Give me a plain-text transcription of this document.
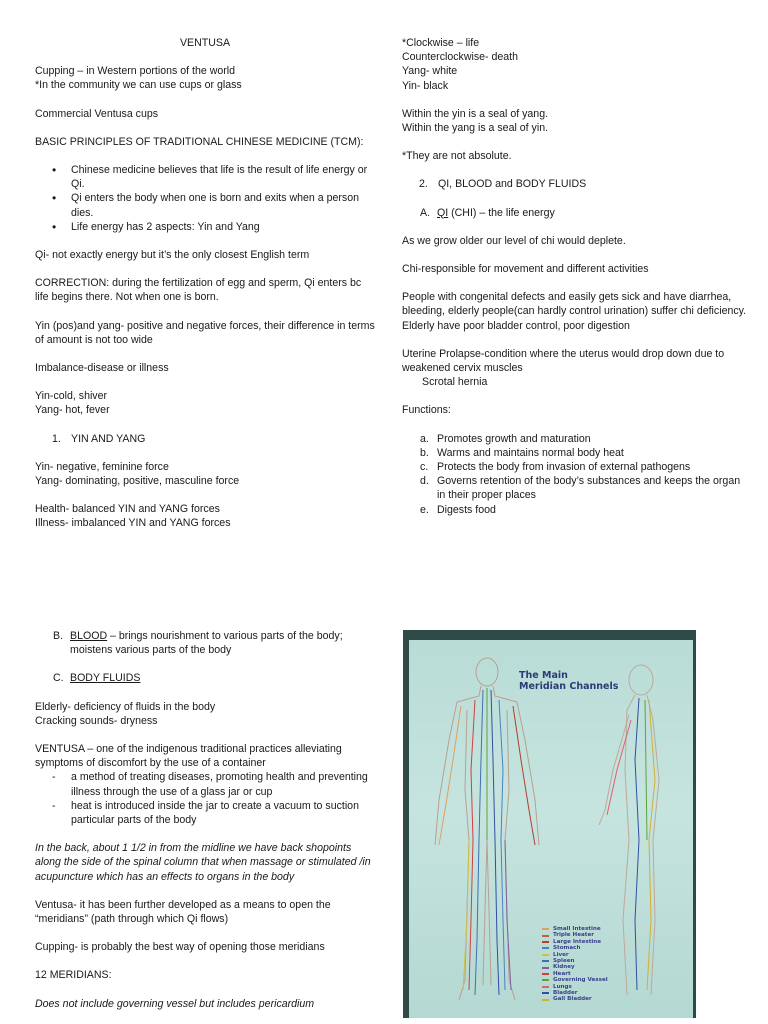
VENTUSA
Cupping – in Western portions of the world
*In the community we can use cups or glass
Commercial Ventusa cups
BASIC PRINCIPLES OF TRADITIONAL CHINESE MEDICINE (TCM):
• Chinese medicine believes that life is the result of life energy or Qi.
• Qi enters the body when one is born and exits when a person dies.
• Life energy has 2 aspects: Yin and Yang
Qi- not exactly energy but it’s the only closest English term
CORRECTION: during the fertilization of egg and sperm, Qi enters bc life begins there. Not when one is born.
Yin (pos)and yang- positive and negative forces, their difference in terms of amount is not too wide
Imbalance-disease or illness
Yin-cold, shiver
Yang- hot, fever
1. YIN AND YANG
Yin- negative, feminine force
Yang- dominating, positive, masculine force
Health- balanced YIN and YANG forces
Illness- imbalanced YIN and YANG forces
*Clockwise – life
Counterclockwise- death
Yang- white
Yin- black
Within the yin is a seal of yang.
Within the yang is a seal of yin.
*They are not absolute.
2. QI, BLOOD and BODY FLUIDS
A. QI (CHI) – the life energy
As we grow older our level of chi would deplete.
Chi-responsible for movement and different activities
People with congenital defects and easily gets sick and have diarrhea, bleeding, elderly people(can hardly control urination) suffer chi deficiency. Elderly have poor bladder control, poor digestion
Uterine Prolapse-condition where the uterus would drop down due to weakened cervix muscles
Scrotal hernia
Functions:
a. Promotes growth and maturation
b. Warms and maintains normal body heat
c. Protects the body from invasion of external pathogens
d. Governs retention of the body’s substances and keeps the organ in their proper places
e. Digests food
B. BLOOD – brings nourishment to various parts of the body; moistens various parts of the body
C. BODY FLUIDS
Elderly- deficiency of fluids in the body
Cracking sounds- dryness
VENTUSA – one of the indigenous traditional practices alleviating symptoms of discomfort by the use of a container
- a method of treating diseases, promoting health and preventing illness through the use of a glass jar or cup
- heat is introduced inside the jar to create a vacuum to suction particular parts of the body
In the back, about 1 1/2 in from the midline we have back shopoints along the side of the spinal column that when massage or stimulated /in acupuncture which has an effects to organs in the body
Ventusa- it has been further developed as a means to open the “meridians” (path through which Qi flows)
Cupping- is probably the best way of opening those meridians
12 MERIDIANS:
Does not include governing vessel but includes pericardium
The Main
Meridian Channels
Small Intestine
Triple Heater
Large Intestine
Stomach
Liver
Spleen
Kidney
Heart
Governing Vessel
Lungs
Bladder
Gall Bladder
